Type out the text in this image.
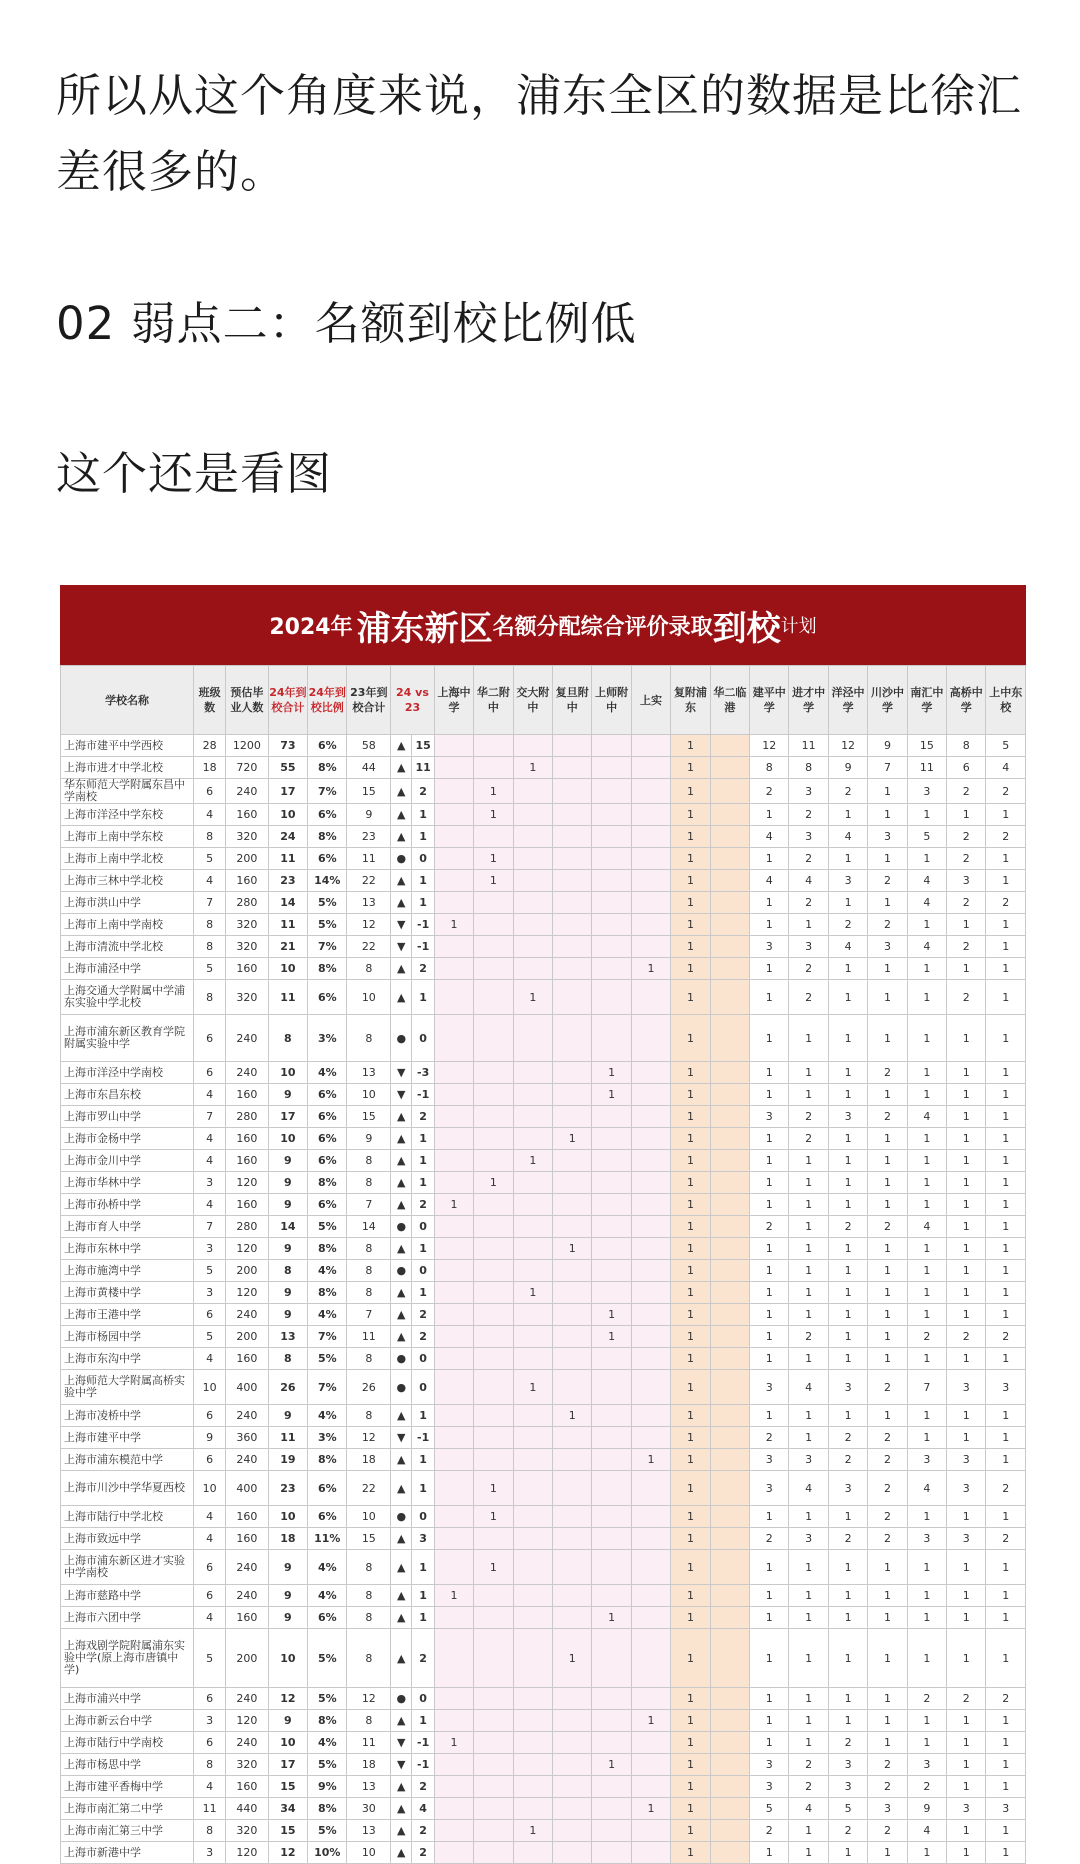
所以从这个角度来说，浦东全区的数据是比徐汇差很多的。
02 弱点二：名额到校比例低
这个还是看图
2024年 浦东新区 名额分配综合评价录取 到校 计划
学校名称	班级数	预估毕业人数	24年到校合计	24年到校比例	23年到校合计	24 vs 23		上海中学	华二附中	交大附中	复旦附中	上师附中	上实	复附浦东	华二临港	建平中学	进才中学	洋泾中学	川沙中学	南汇中学	高桥中学	上中东校
上海市建平中学西校	28	1200	73	6%	58	▲	15							1		12	11	12	9	15	8	5
上海市进才中学北校	18	720	55	8%	44	▲	11			1				1		8	8	9	7	11	6	4
华东师范大学附属东昌中学南校	6	240	17	7%	15	▲	2		1					1		2	3	2	1	3	2	2
上海市洋泾中学东校	4	160	10	6%	9	▲	1		1					1		1	2	1	1	1	1	1
上海市上南中学东校	8	320	24	8%	23	▲	1							1		4	3	4	3	5	2	2
上海市上南中学北校	5	200	11	6%	11	●	0		1					1		1	2	1	1	1	2	1
上海市三林中学北校	4	160	23	14%	22	▲	1		1					1		4	4	3	2	4	3	1
上海市洪山中学	7	280	14	5%	13	▲	1							1		1	2	1	1	4	2	2
上海市上南中学南校	8	320	11	5%	12	▼	-1	1						1		1	1	2	2	1	1	1
上海市清流中学北校	8	320	21	7%	22	▼	-1							1		3	3	4	3	4	2	1
上海市浦泾中学	5	160	10	8%	8	▲	2						1	1		1	2	1	1	1	1	1
上海交通大学附属中学浦东实验中学北校	8	320	11	6%	10	▲	1			1				1		1	2	1	1	1	2	1
上海市浦东新区教育学院附属实验中学	6	240	8	3%	8	●	0							1		1	1	1	1	1	1	1
上海市洋泾中学南校	6	240	10	4%	13	▼	-3					1		1		1	1	1	2	1	1	1
上海市东昌东校	4	160	9	6%	10	▼	-1					1		1		1	1	1	1	1	1	1
上海市罗山中学	7	280	17	6%	15	▲	2							1		3	2	3	2	4	1	1
上海市金杨中学	4	160	10	6%	9	▲	1				1			1		1	2	1	1	1	1	1
上海市金川中学	4	160	9	6%	8	▲	1			1				1		1	1	1	1	1	1	1
上海市华林中学	3	120	9	8%	8	▲	1		1					1		1	1	1	1	1	1	1
上海市孙桥中学	4	160	9	6%	7	▲	2	1						1		1	1	1	1	1	1	1
上海市育人中学	7	280	14	5%	14	●	0							1		2	1	2	2	4	1	1
上海市东林中学	3	120	9	8%	8	▲	1				1			1		1	1	1	1	1	1	1
上海市施湾中学	5	200	8	4%	8	●	0							1		1	1	1	1	1	1	1
上海市黄楼中学	3	120	9	8%	8	▲	1			1				1		1	1	1	1	1	1	1
上海市王港中学	6	240	9	4%	7	▲	2					1		1		1	1	1	1	1	1	1
上海市杨园中学	5	200	13	7%	11	▲	2					1		1		1	2	1	1	2	2	2
上海市东沟中学	4	160	8	5%	8	●	0							1		1	1	1	1	1	1	1
上海师范大学附属高桥实验中学	10	400	26	7%	26	●	0			1				1		3	4	3	2	7	3	3
上海市凌桥中学	6	240	9	4%	8	▲	1				1			1		1	1	1	1	1	1	1
上海市建平中学	9	360	11	3%	12	▼	-1							1		2	1	2	2	1	1	1
上海市浦东模范中学	6	240	19	8%	18	▲	1						1	1		3	3	2	2	3	3	1
上海市川沙中学华夏西校	10	400	23	6%	22	▲	1		1					1		3	4	3	2	4	3	2
上海市陆行中学北校	4	160	10	6%	10	●	0		1					1		1	1	1	2	1	1	1
上海市致远中学	4	160	18	11%	15	▲	3							1		2	3	2	2	3	3	2
上海市浦东新区进才实验中学南校	6	240	9	4%	8	▲	1		1					1		1	1	1	1	1	1	1
上海市慈路中学	6	240	9	4%	8	▲	1	1						1		1	1	1	1	1	1	1
上海市六团中学	4	160	9	6%	8	▲	1					1		1		1	1	1	1	1	1	1
上海戏剧学院附属浦东实验中学(原上海市唐镇中学)	5	200	10	5%	8	▲	2				1			1		1	1	1	1	1	1	1
上海市浦兴中学	6	240	12	5%	12	●	0							1		1	1	1	1	2	2	2
上海市新云台中学	3	120	9	8%	8	▲	1						1	1		1	1	1	1	1	1	1
上海市陆行中学南校	6	240	10	4%	11	▼	-1	1						1		1	1	2	1	1	1	1
上海市杨思中学	8	320	17	5%	18	▼	-1					1		1		3	2	3	2	3	1	1
上海市建平香梅中学	4	160	15	9%	13	▲	2							1		3	2	3	2	2	1	1
上海市南汇第二中学	11	440	34	8%	30	▲	4						1	1		5	4	5	3	9	3	3
上海市南汇第三中学	8	320	15	5%	13	▲	2			1				1		2	1	2	2	4	1	1
上海市新港中学	3	120	12	10%	10	▲	2							1		1	1	1	1	1	1	1
